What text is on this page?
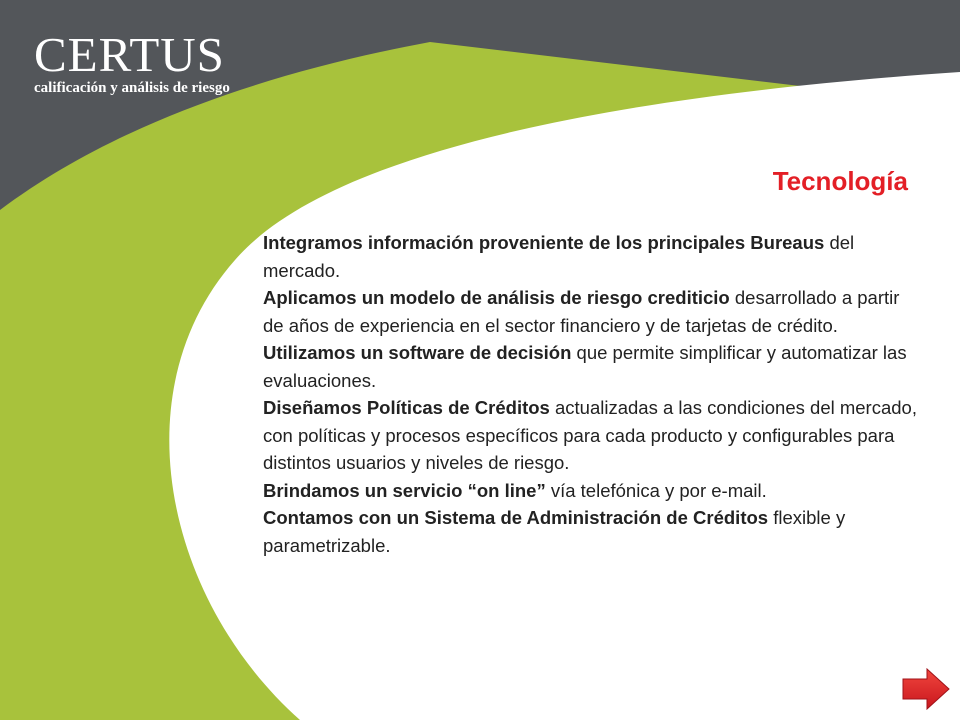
CERTUS
calificación y análisis de riesgo
Tecnología

Integramos información proveniente de los principales Bureaus del mercado.

Aplicamos un modelo de análisis de riesgo crediticio desarrollado a partir de años de experiencia en el sector financiero y de tarjetas de crédito.

Utilizamos un software de decisión que permite simplificar y automatizar las evaluaciones.

Diseñamos Políticas de Créditos actualizadas a las condiciones del mercado, con políticas y procesos específicos para cada producto y configurables para distintos usuarios y niveles de riesgo.

Brindamos un servicio “on line” vía telefónica y por e-mail.

Contamos con un Sistema de Administración de Créditos flexible y parametrizable.
